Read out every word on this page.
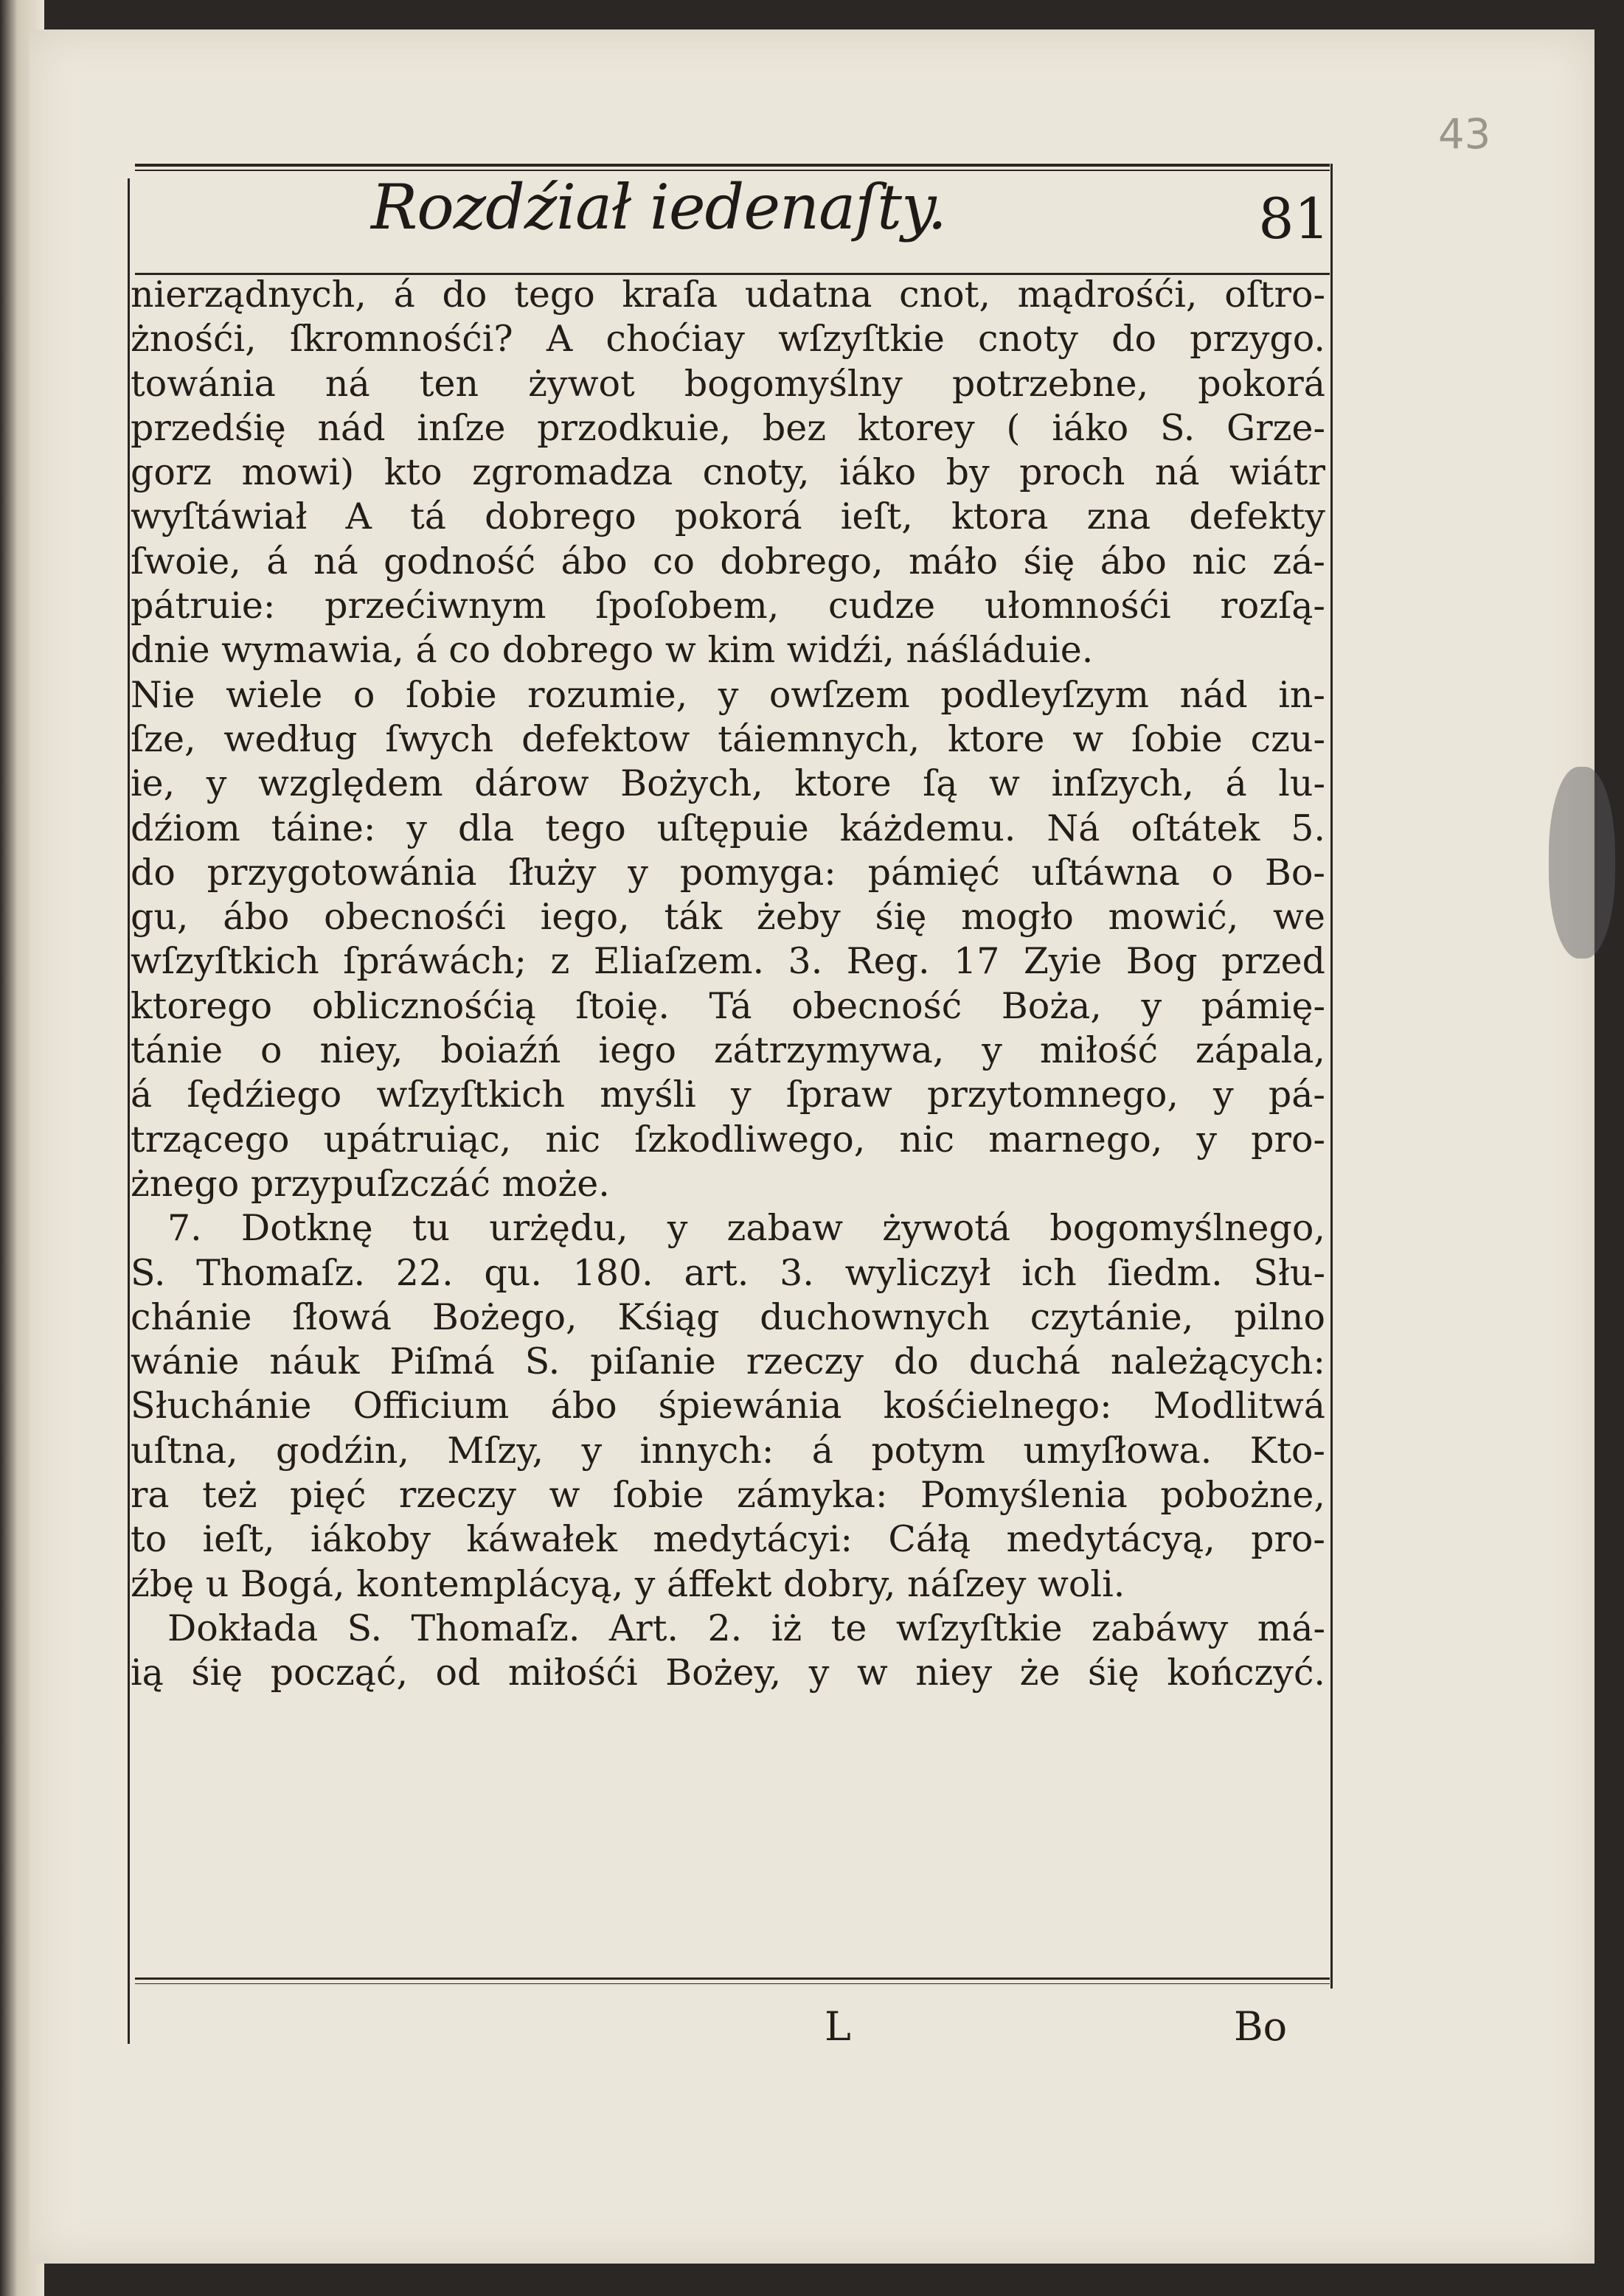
43
Rozdźiał iedenaſty.	81
nierządnych, á do tego kraſa udatna cnot, mądrośći, oſtro-
żnośći, ſkromnośći? A choćiay wſzyſtkie cnoty do przygo.
towánia ná ten żywot bogomyślny potrzebne, pokorá
przedśię nád inſze przodkuie, bez ktorey ( iáko S. Grze-
gorz mowi) kto zgromadza cnoty, iáko by proch ná wiátr
wyſtáwiał A tá dobrego pokorá ieſt, ktora zna defekty
ſwoie, á ná godność ábo co dobrego, máło śię ábo nic zá-
pátruie: przećiwnym ſpoſobem, cudze ułomnośći rozſą-
dnie wymawia, á co dobrego w kim widźi, náśláduie.
Nie wiele o ſobie rozumie, y owſzem podleyſzym nád in-
ſze, według ſwych defektow táiemnych, ktore w ſobie czu-
ie, y względem dárow Bożych, ktore ſą w inſzych, á lu-
dźiom táine: y dla tego uſtępuie káżdemu. Ná oſtátek 5.
do przygotowánia ſłuży y pomyga: pámięć uſtáwna o Bo-
gu, ábo obecnośći iego, ták żeby śię mogło mowić, we
wſzyſtkich ſpráwách; z Eliaſzem. 3. Reg. 17 Zyie Bog przed
ktorego oblicznośćią ſtoię. Tá obecność Boża, y pámię-
tánie o niey, boiaźń iego zátrzymywa, y miłość zápala,
á ſędźiego wſzyſtkich myśli y ſpraw przytomnego, y pá-
trzącego upátruiąc, nic ſzkodliwego, nic marnego, y pro-
żnego przypuſzczáć może.
7. Dotknę tu urżędu, y zabaw żywotá bogomyślnego,
S. Thomaſz. 22. qu. 180. art. 3. wyliczył ich ſiedm. Słu-
chánie ſłowá Bożego, Kśiąg duchownych czytánie, pilno
wánie náuk Piſmá S. piſanie rzeczy do duchá należących:
Słuchánie Officium ábo śpiewánia kośćielnego: Modlitwá
uſtna, godźin, Mſzy, y innych: á potym umyſłowa. Kto-
ra też pięć rzeczy w ſobie zámyka: Pomyślenia pobożne,
to ieſt, iákoby káwałek medytácyi: Cáłą medytácyą, pro-
źbę u Bogá, kontemplácyą, y áffekt dobry, náſzey woli.
Dokłada S. Thomaſz. Art. 2. iż te wſzyſtkie zabáwy má-
ią śię począć, od miłośći Bożey, y w niey że śię kończyć.
L	Bo
